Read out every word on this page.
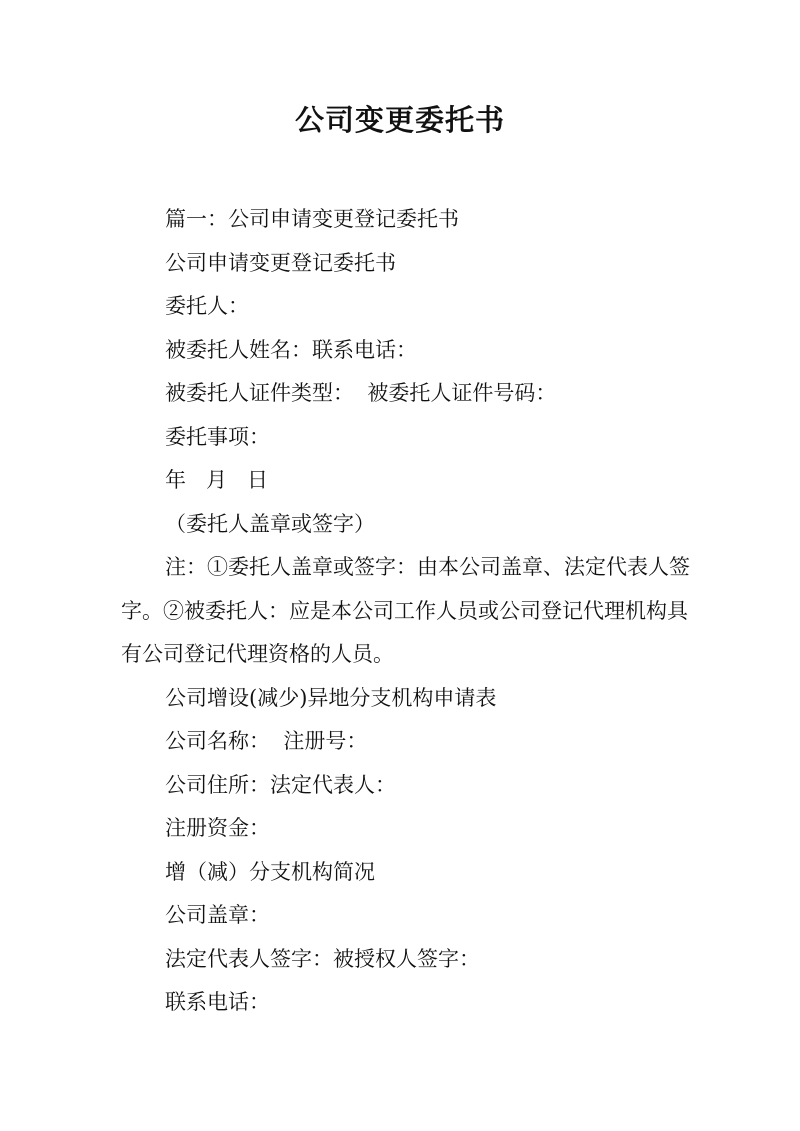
公司变更委托书

篇一：公司申请变更登记委托书

公司申请变更登记委托书

委托人：

被委托人姓名：联系电话：

被委托人证件类型：  被委托人证件号码：

委托事项：

年   月   日

（委托人盖章或签字）

注：①委托人盖章或签字：由本公司盖章、法定代表人签字。②被委托人：应是本公司工作人员或公司登记代理机构具有公司登记代理资格的人员。

公司增设(减少)异地分支机构申请表

公司名称：  注册号：

公司住所：法定代表人：

注册资金：

增（减）分支机构简况

公司盖章：

法定代表人签字：被授权人签字：

联系电话：
